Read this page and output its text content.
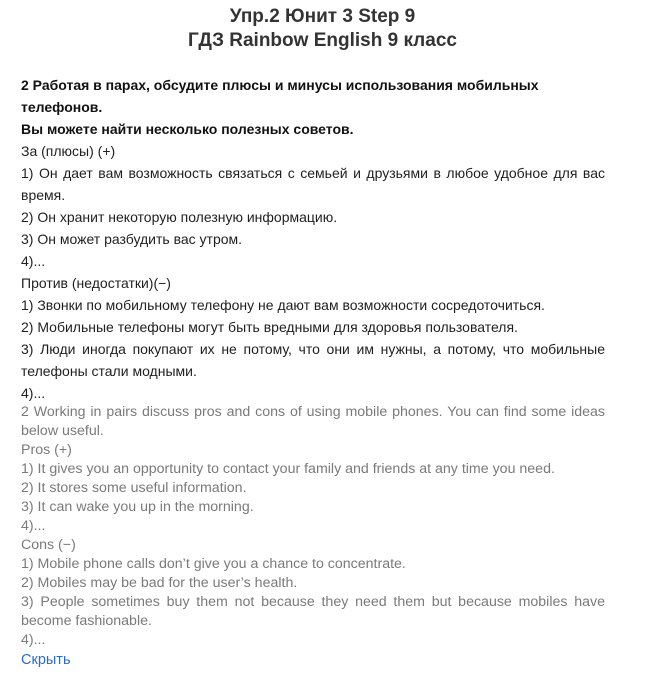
Упр.2 Юнит 3 Step 9
ГДЗ Rainbow English 9 класс

2 Работая в парах, обсудите плюсы и минусы использования мобильных телефонов.

Вы можете найти несколько полезных советов.

За (плюсы) (+)

1) Он дает вам возможность связаться с семьей и друзьями в любое удобное для вас время.

2) Он хранит некоторую полезную информацию.

3) Он может разбудить вас утром.

4)...

Против (недостатки)(−)

1) Звонки по мобильному телефону не дают вам возможности сосредоточиться.

2) Мобильные телефоны могут быть вредными для здоровья пользователя.

3) Люди иногда покупают их не потому, что они им нужны, а потому, что мобильные телефоны стали модными.

4)...

2 Working in pairs discuss pros and cons of using mobile phones. You can find some ideas below useful.

Pros (+)

1) It gives you an opportunity to contact your family and friends at any time you need.

2) It stores some useful information.

3) It can wake you up in the morning.

4)...

Cons (−)

1) Mobile phone calls don’t give you a chance to concentrate.

2) Mobiles may be bad for the user’s health.

3) People sometimes buy them not because they need them but because mobiles have become fashionable.

4)...

Скрыть
